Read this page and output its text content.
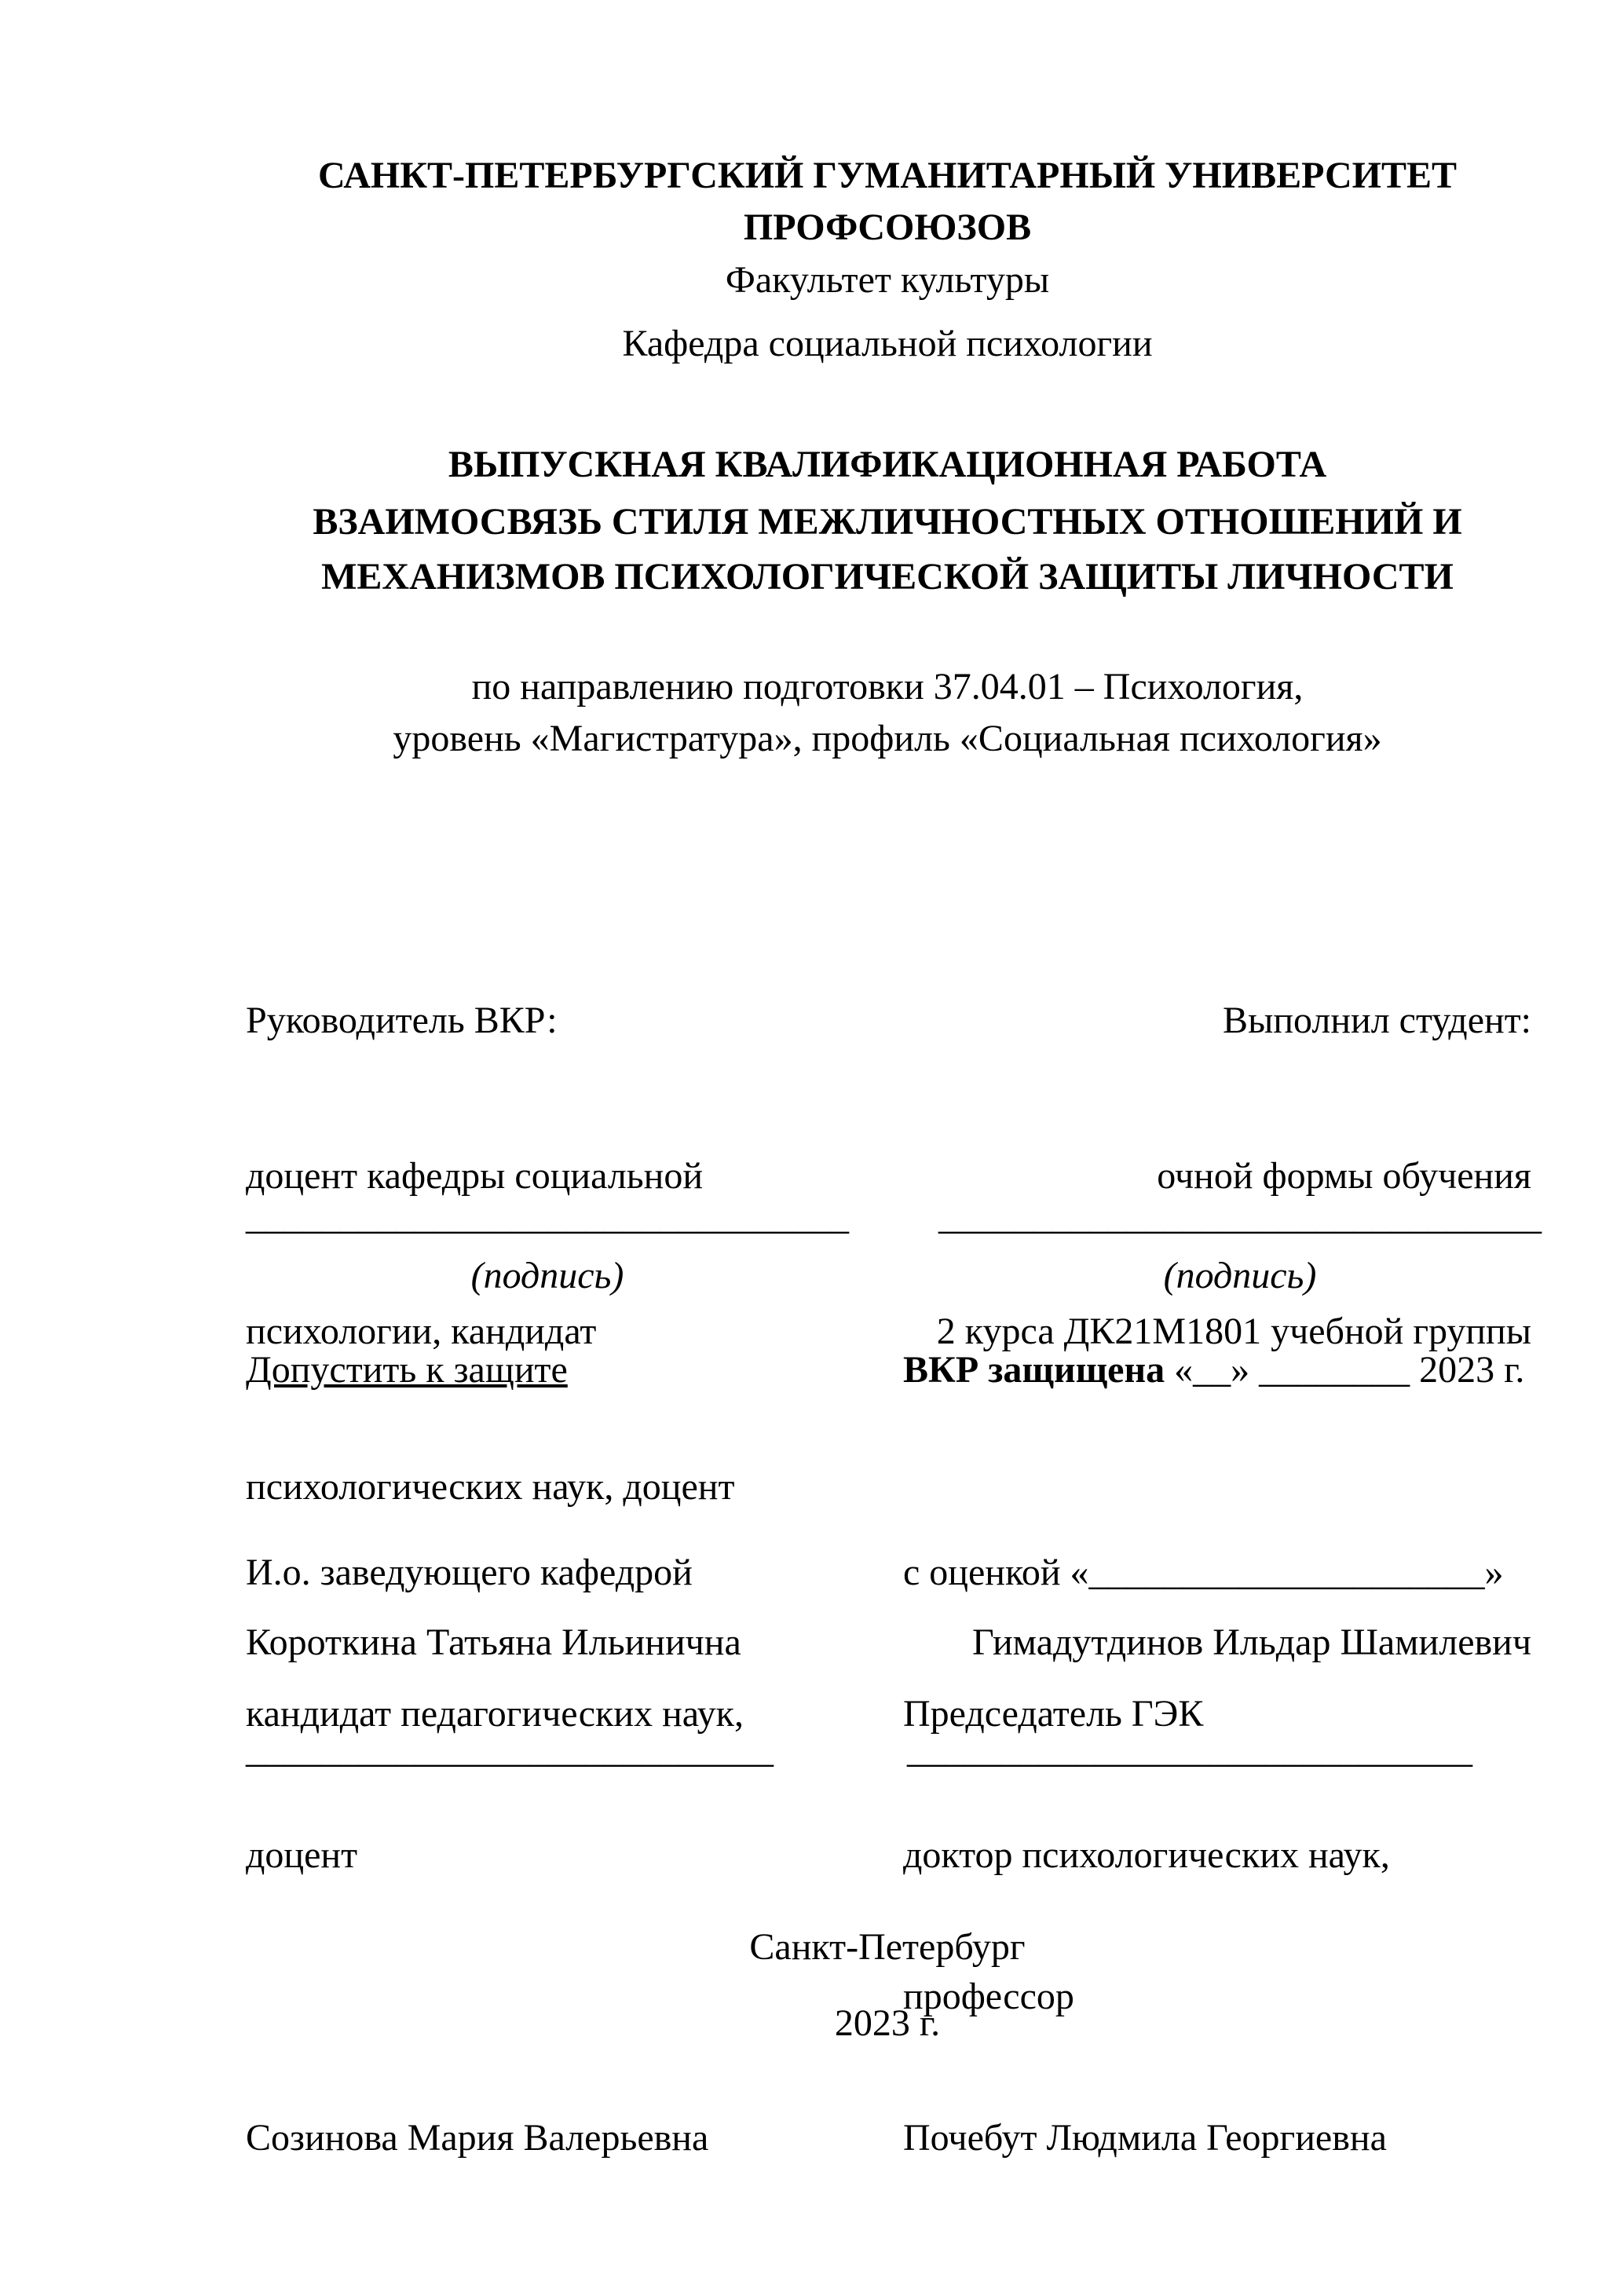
САНКТ-ПЕТЕРБУРГСКИЙ ГУМАНИТАРНЫЙ УНИВЕРСИТЕТ
ПРОФСОЮЗОВ
Факультет культуры
Кафедра социальной психологии
ВЫПУСКНАЯ КВАЛИФИКАЦИОННАЯ РАБОТА
ВЗАИМОСВЯЗЬ СТИЛЯ МЕЖЛИЧНОСТНЫХ ОТНОШЕНИЙ И
МЕХАНИЗМОВ ПСИХОЛОГИЧЕСКОЙ ЗАЩИТЫ ЛИЧНОСТИ
по направлению подготовки 37.04.01 – Психология,
уровень «Магистратура», профиль «Социальная психология»

Руководитель ВКР:

доцент кафедры социальной

психологии, кандидат

психологических наук, доцент

Короткина Татьяна Ильинична

Выполнил студент:

очной формы обучения

2 курса ДК21М1801 учебной группы

Гимадутдинов Ильдар Шамилевич

________________________________
(подпись)
________________________________
(подпись)
Допустить к защите	ВКР защищена «__» ________ 2023 г.

И.о. заведующего кафедрой

кандидат педагогических наук,

доцент

Созинова Мария Валерьевна

с оценкой «_____________________»

Председатель ГЭК

доктор психологических наук,

профессор

Почебут Людмила Георгиевна

____________________________	______________________________
Санкт-Петербург
2023 г.
